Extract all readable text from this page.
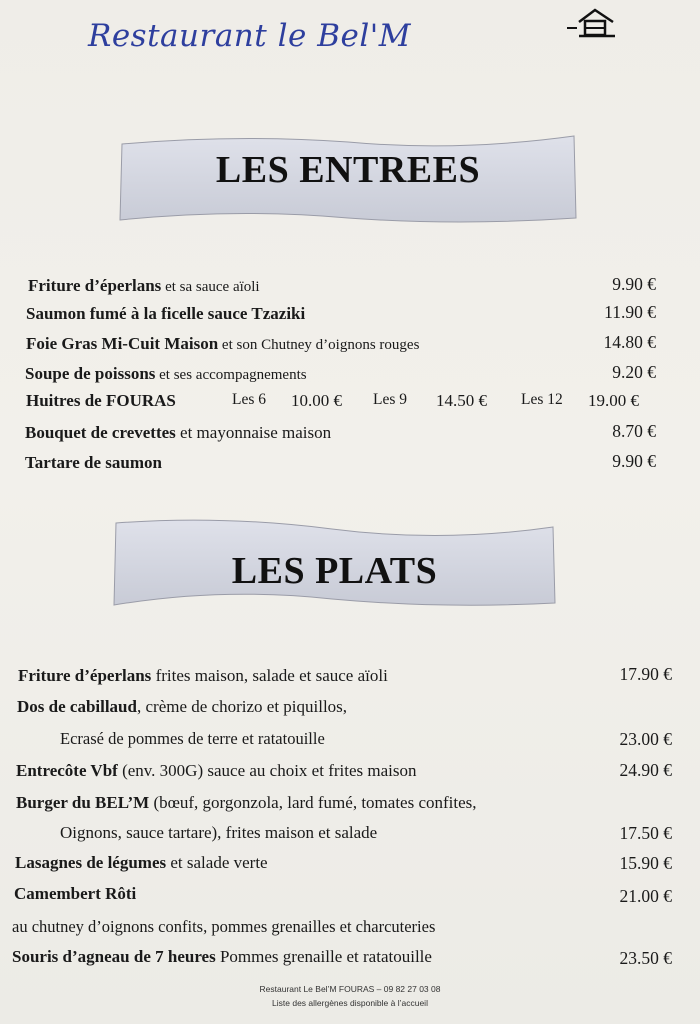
Restaurant le Bel'M
LES ENTREES
Friture d’éperlans et sa sauce aïoli	9.90 €
Saumon fumé à la ficelle sauce Tzaziki	11.90 €
Foie Gras Mi-Cuit Maison et son Chutney d’oignons rouges	14.80 €
Soupe de poissons et ses accompagnements	9.20 €
Huitres de FOURAS	Les 6 10.00 € Les 9 14.50 € Les 12 19.00 €
Bouquet de crevettes et mayonnaise maison	8.70 €
Tartare de saumon	9.90 €
LES PLATS
Friture d’éperlans frites maison, salade et sauce aïoli	17.90 €
Dos de cabillaud, crème de chorizo et piquillos,
Ecrasé de pommes de terre et ratatouille	23.00 €
Entrecôte Vbf (env. 300G) sauce au choix et frites maison	24.90 €
Burger du BEL’M (bœuf, gorgonzola, lard fumé, tomates confites,
Oignons, sauce tartare), frites maison et salade	17.50 €
Lasagnes de légumes et salade verte	15.90 €
Camembert Rôti	21.00 €
au chutney d’oignons confits, pommes grenailles et charcuteries
Souris d’agneau de 7 heures Pommes grenaille et ratatouille	23.50 €
Restaurant Le Bel’M FOURAS – 09 82 27 03 08
Liste des allergènes disponible à l’accueil
